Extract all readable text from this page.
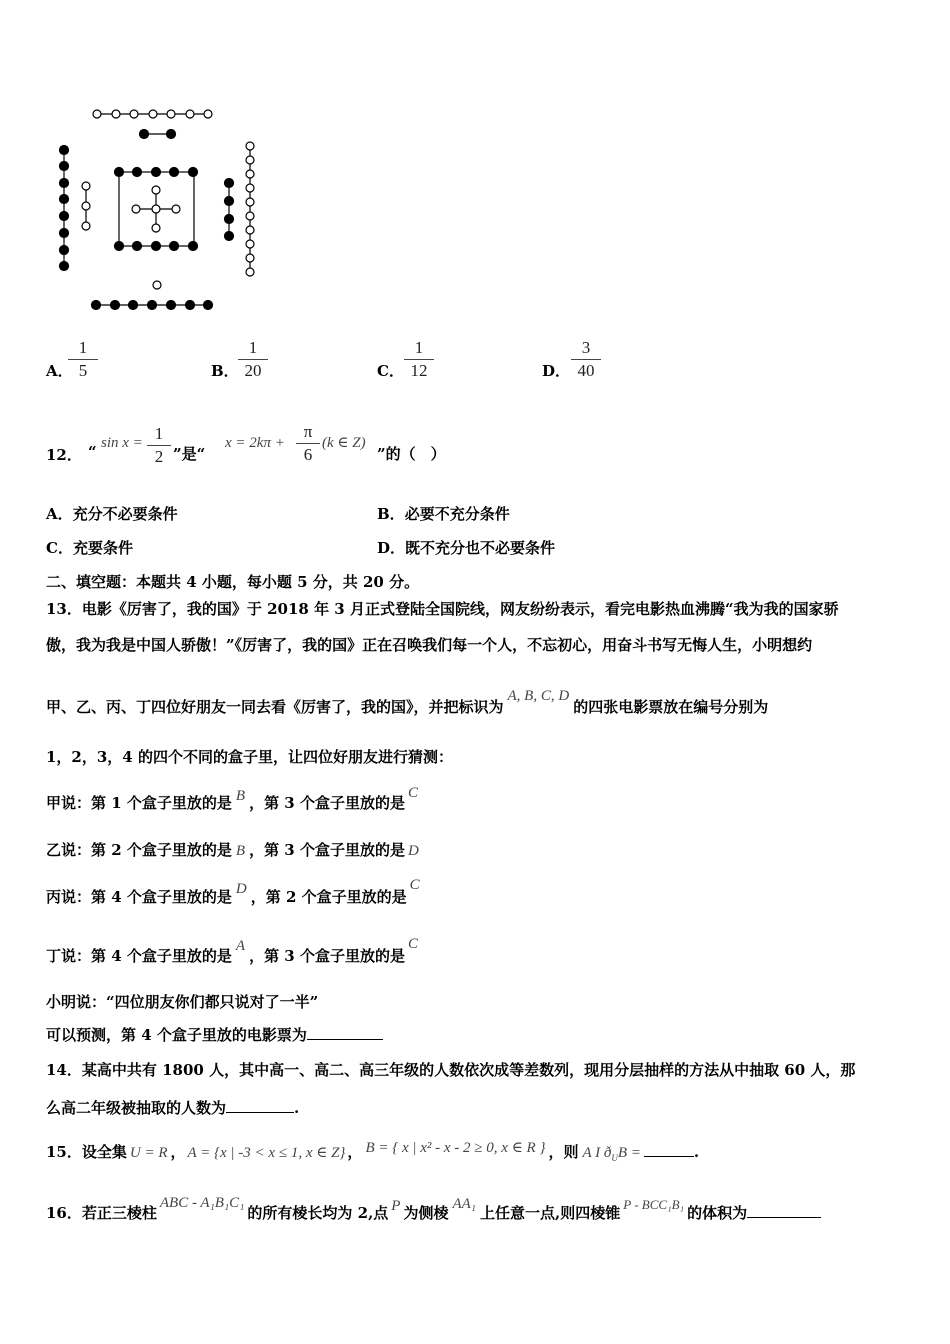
A．
$\frac{1}{5}$	B． $\frac{1}{20}$	C． $\frac{1}{12}$	D． $\frac{3}{40}$
12． “ $\sin x = \frac{1}{2}$ ”是“
$x = 2k\pi + \frac{\pi}{6} (k$ ∈ Z)
”的（　）
A．充分不必要条件	B．必要不充分条件
C．充要条件	D．既不充分也不必要条件
二、填空题：本题共 4 小题，每小题 5 分，共 20 分。
13．电影《厉害了，我的国》于 2018 年 3 月正式登陆全国院线，网友纷纷表示，看完电影热血沸腾“我为我的国家骄
傲，我为我是中国人骄傲！”《厉害了，我的国》正在召唤我们每一个人，不忘初心，用奋斗书写无悔人生，小明想约
甲、乙、丙、丁四位好朋友一同去看《厉害了，我的国》，并把标识为A, B, C, D的四张电影票放在编号分别为
1，2，3，4 的四个不同的盒子里，让四位好朋友进行猜测：
甲说：第 1 个盒子里放的是 B ，第 3 个盒子里放的是C
乙说：第 2 个盒子里放的是 B ，第 3 个盒子里放的是 D
丙说：第 4 个盒子里放的是 D ，第 2 个盒子里放的是C
丁说：第 4 个盒子里放的是A，第 3 个盒子里放的是C
小明说：“四位朋友你们都只说对了一半”
可以预测，第 4 个盒子里放的电影票为
14．某高中共有 1800 人，其中高一、高二、高三年级的人数依次成等差数列，现用分层抽样的方法从中抽取 60 人，那
么高二年级被抽取的人数为	.
15．设全集 U = R ， A = {x | -3 < x ≤ 1, x ∈ Z} ， B = { x | x² - x - 2 ≥ 0, x ∈ R } ，则 A I $ð_UB$ =	.
16．若正三棱柱ABC - A₁B₁C₁的所有棱长均为 2,点 P 为侧棱 AA₁ 上任意一点,则四棱锥 P - BCC₁B₁ 的体积为
